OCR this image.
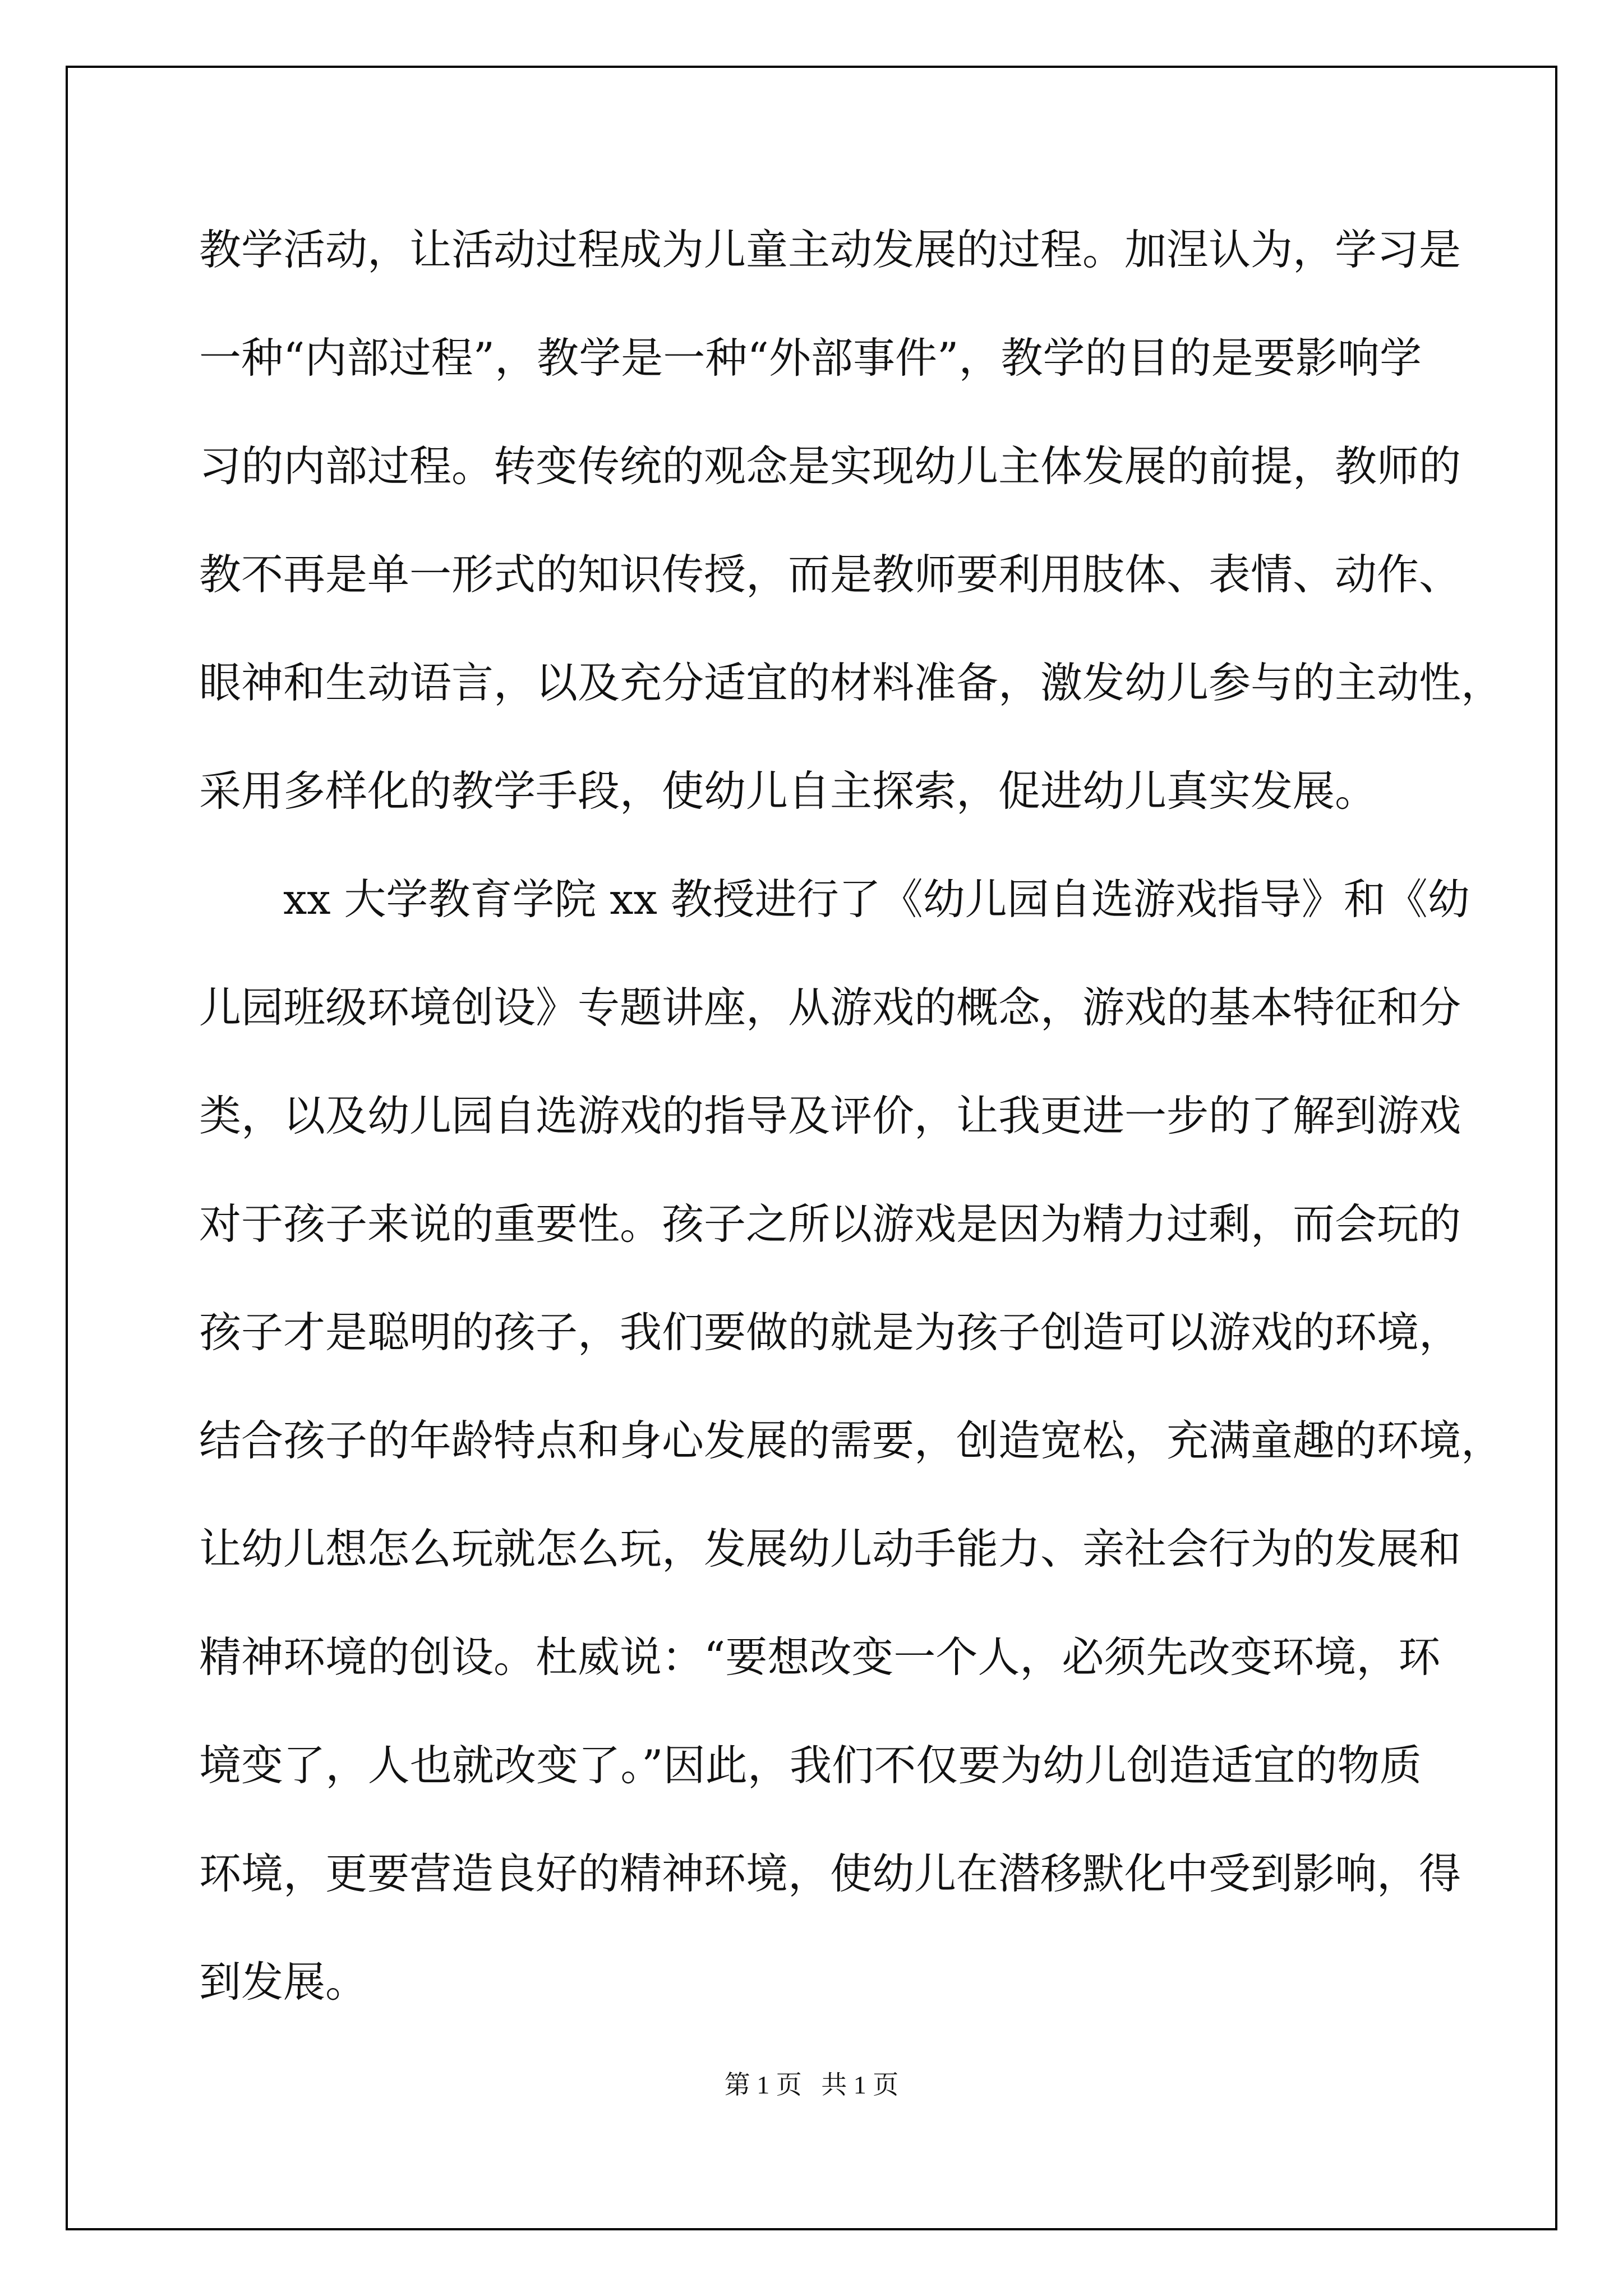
教学活动，让活动过程成为儿童主动发展的过程。加涅认为，学习是
一种“内部过程”，教学是一种“外部事件”，教学的目的是要影响学
习的内部过程。转变传统的观念是实现幼儿主体发展的前提，教师的
教不再是单一形式的知识传授，而是教师要利用肢体、表情、动作、
眼神和生动语言，以及充分适宜的材料准备，激发幼儿参与的主动性，
采用多样化的教学手段，使幼儿自主探索，促进幼儿真实发展。
xx 大学教育学院 xx 教授进行了《幼儿园自选游戏指导》和《幼
儿园班级环境创设》专题讲座，从游戏的概念，游戏的基本特征和分
类，以及幼儿园自选游戏的指导及评价，让我更进一步的了解到游戏
对于孩子来说的重要性。孩子之所以游戏是因为精力过剩，而会玩的
孩子才是聪明的孩子，我们要做的就是为孩子创造可以游戏的环境，
结合孩子的年龄特点和身心发展的需要，创造宽松，充满童趣的环境，
让幼儿想怎么玩就怎么玩，发展幼儿动手能力、亲社会行为的发展和
精神环境的创设。杜威说：“要想改变一个人，必须先改变环境，环
境变了，人也就改变了。”因此，我们不仅要为幼儿创造适宜的物质
环境，更要营造良好的精神环境，使幼儿在潜移默化中受到影响，得
到发展。
第 1 页   共 1 页
